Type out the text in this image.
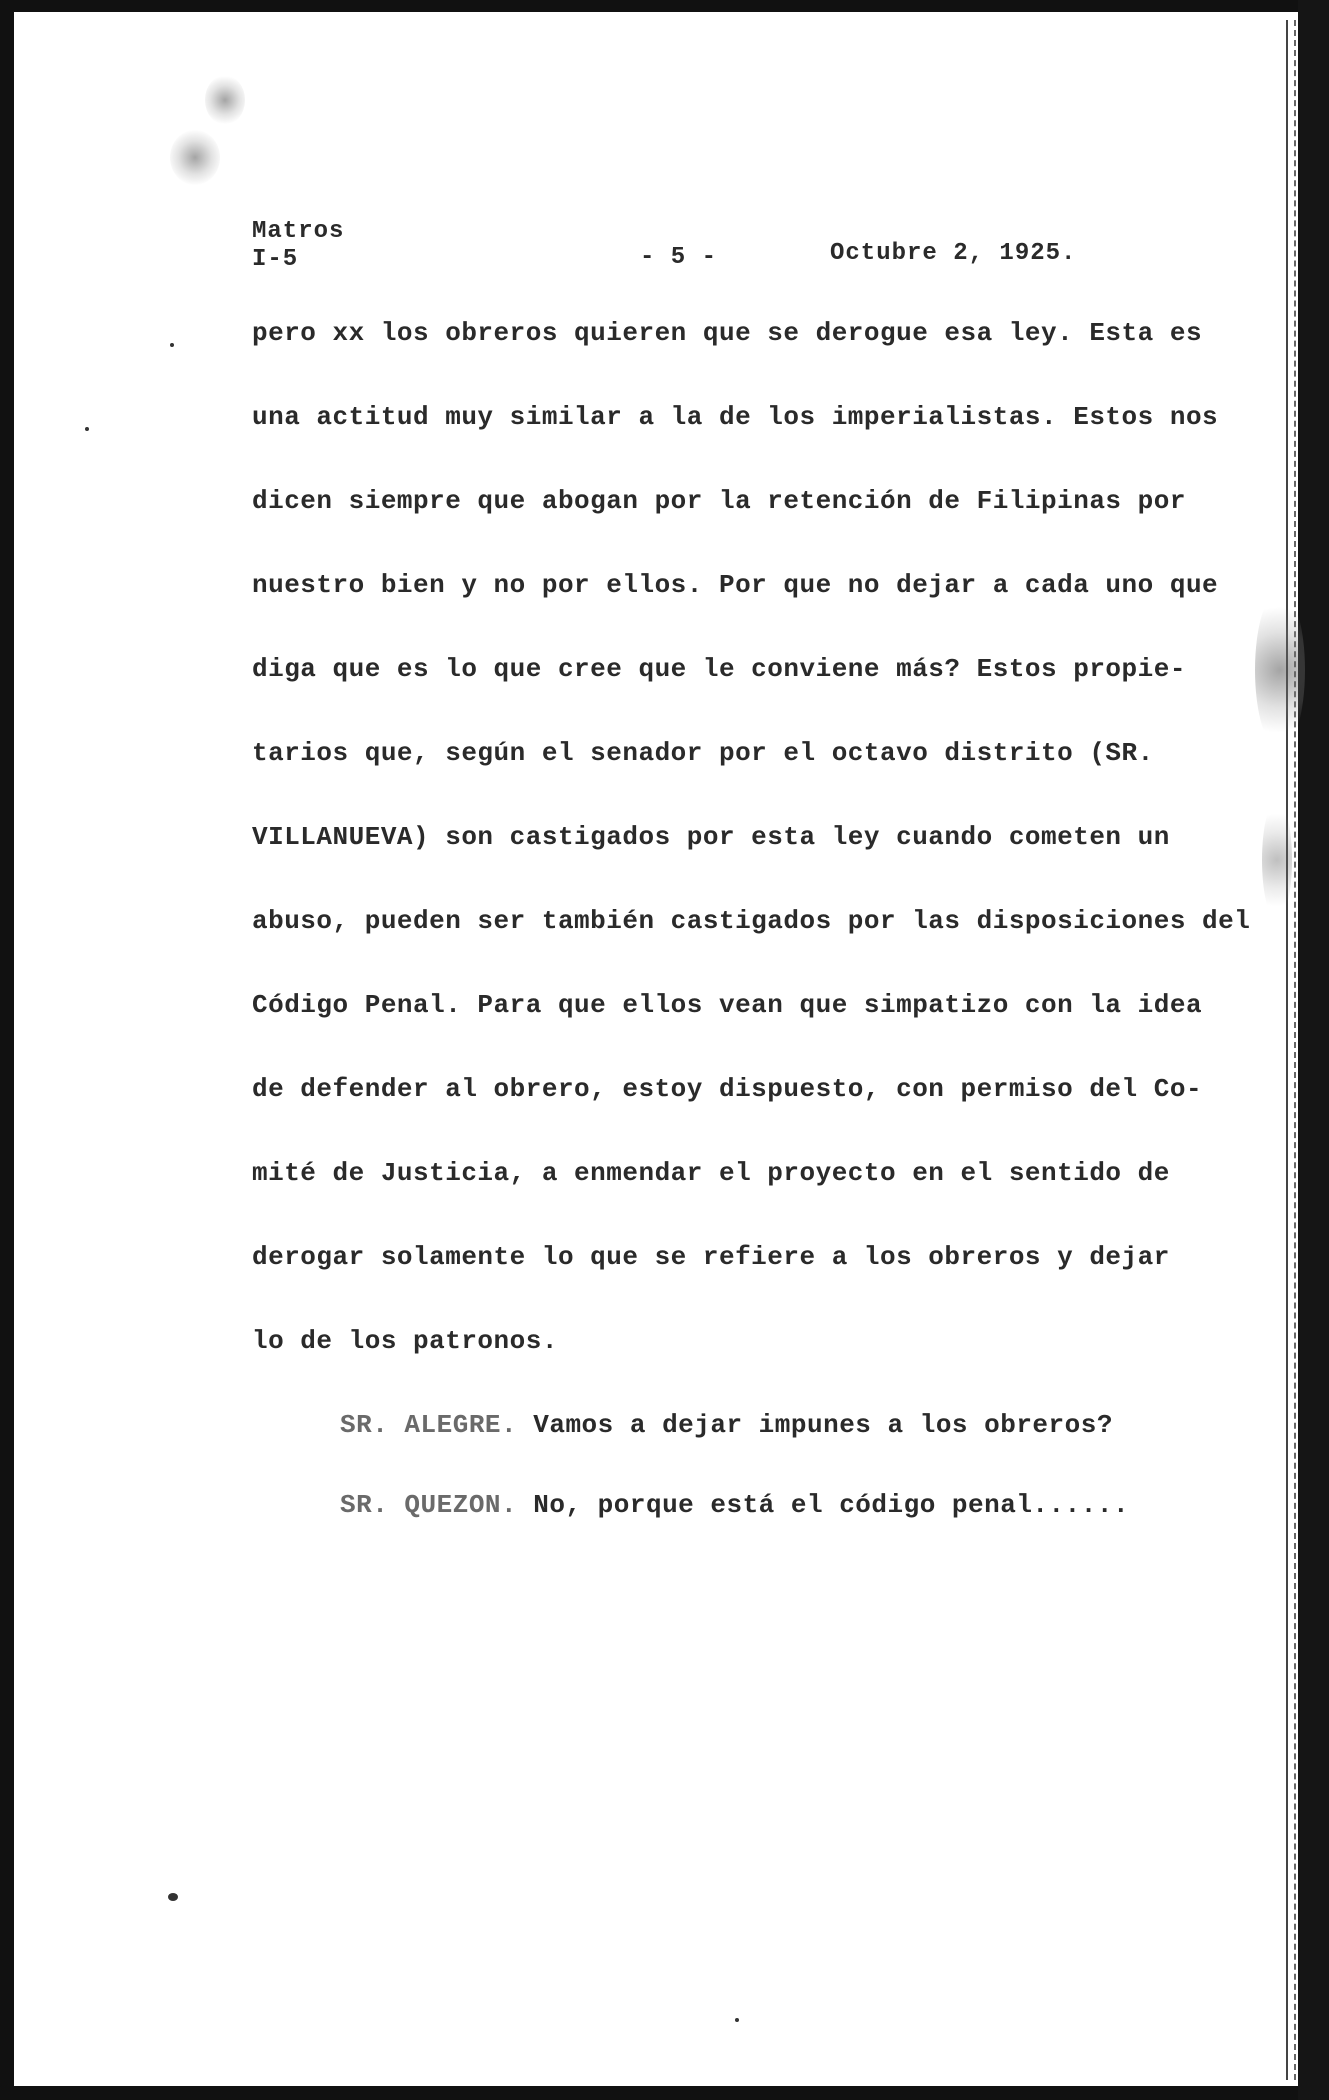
Matros
I-5	- 5 -	Octubre 2, 1925.
pero xx los obreros quieren que se derogue esa ley. Esta es
una actitud muy similar a la de los imperialistas. Estos nos
dicen siempre que abogan por la retención de Filipinas por
nuestro bien y no por ellos. Por que no dejar a cada uno que
diga que es lo que cree que le conviene más? Estos propie-
tarios que, según el senador por el octavo distrito (SR.
VILLANUEVA) son castigados por esta ley cuando cometen un
abuso, pueden ser también castigados por las disposiciones del
Código Penal. Para que ellos vean que simpatizo con la idea
de defender al obrero, estoy dispuesto, con permiso del Co-
mité de Justicia, a enmendar el proyecto en el sentido de
derogar solamente lo que se refiere a los obreros y dejar
lo de los patronos.
SR. ALEGRE. Vamos a dejar impunes a los obreros?
SR. QUEZON. No, porque está el código penal......
